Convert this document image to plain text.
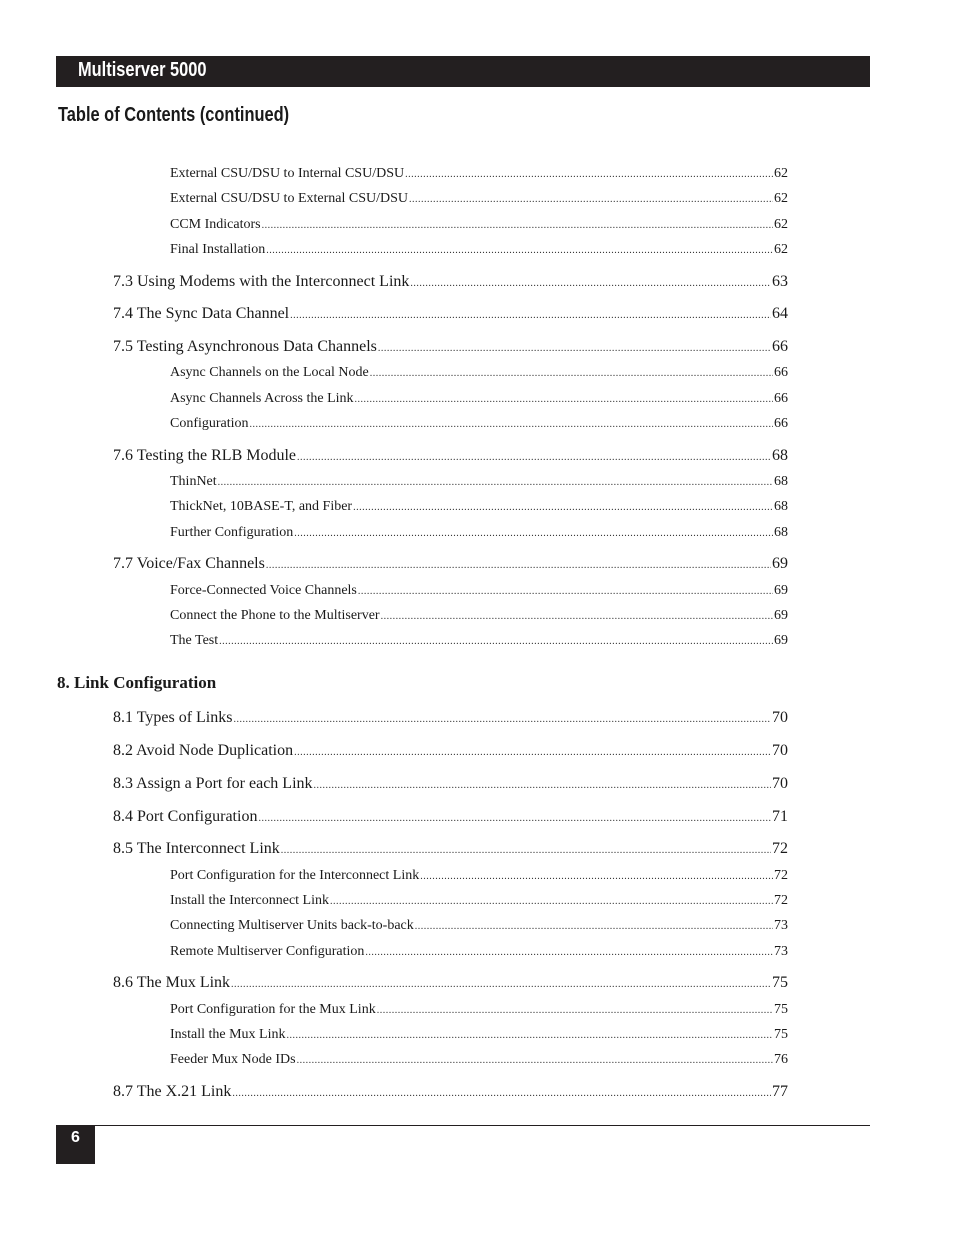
Multiserver 5000
Table of Contents (continued)
External CSU/DSU to Internal CSU/DSU .....	62
External CSU/DSU to External CSU/DSU .....	62
CCM Indicators .....	62
Final Installation .....	62
7.3 Using Modems with the Interconnect Link .....	63
7.4 The Sync Data Channel .....	64
7.5 Testing Asynchronous Data Channels .....	66
Async Channels on the Local Node .....	66
Async Channels Across the Link .....	66
Configuration .....	66
7.6 Testing the RLB Module .....	68
ThinNet .....	68
ThickNet, 10BASE-T, and Fiber .....	68
Further Configuration .....	68
7.7 Voice/Fax Channels .....	69
Force-Connected Voice Channels .....	69
Connect the Phone to the Multiserver .....	69
The Test .....	69
8. Link Configuration
8.1 Types of Links .....	70
8.2 Avoid Node Duplication .....	70
8.3 Assign a Port for each Link .....	70
8.4 Port Configuration .....	71
8.5 The Interconnect Link .....	72
Port Configuration for the Interconnect Link .....	72
Install the Interconnect Link .....	72
Connecting Multiserver Units back-to-back .....	73
Remote Multiserver Configuration .....	73
8.6 The Mux Link .....	75
Port Configuration for the Mux Link .....	75
Install the Mux Link .....	75
Feeder Mux Node IDs .....	76
8.7 The X.21 Link .....	77
6
